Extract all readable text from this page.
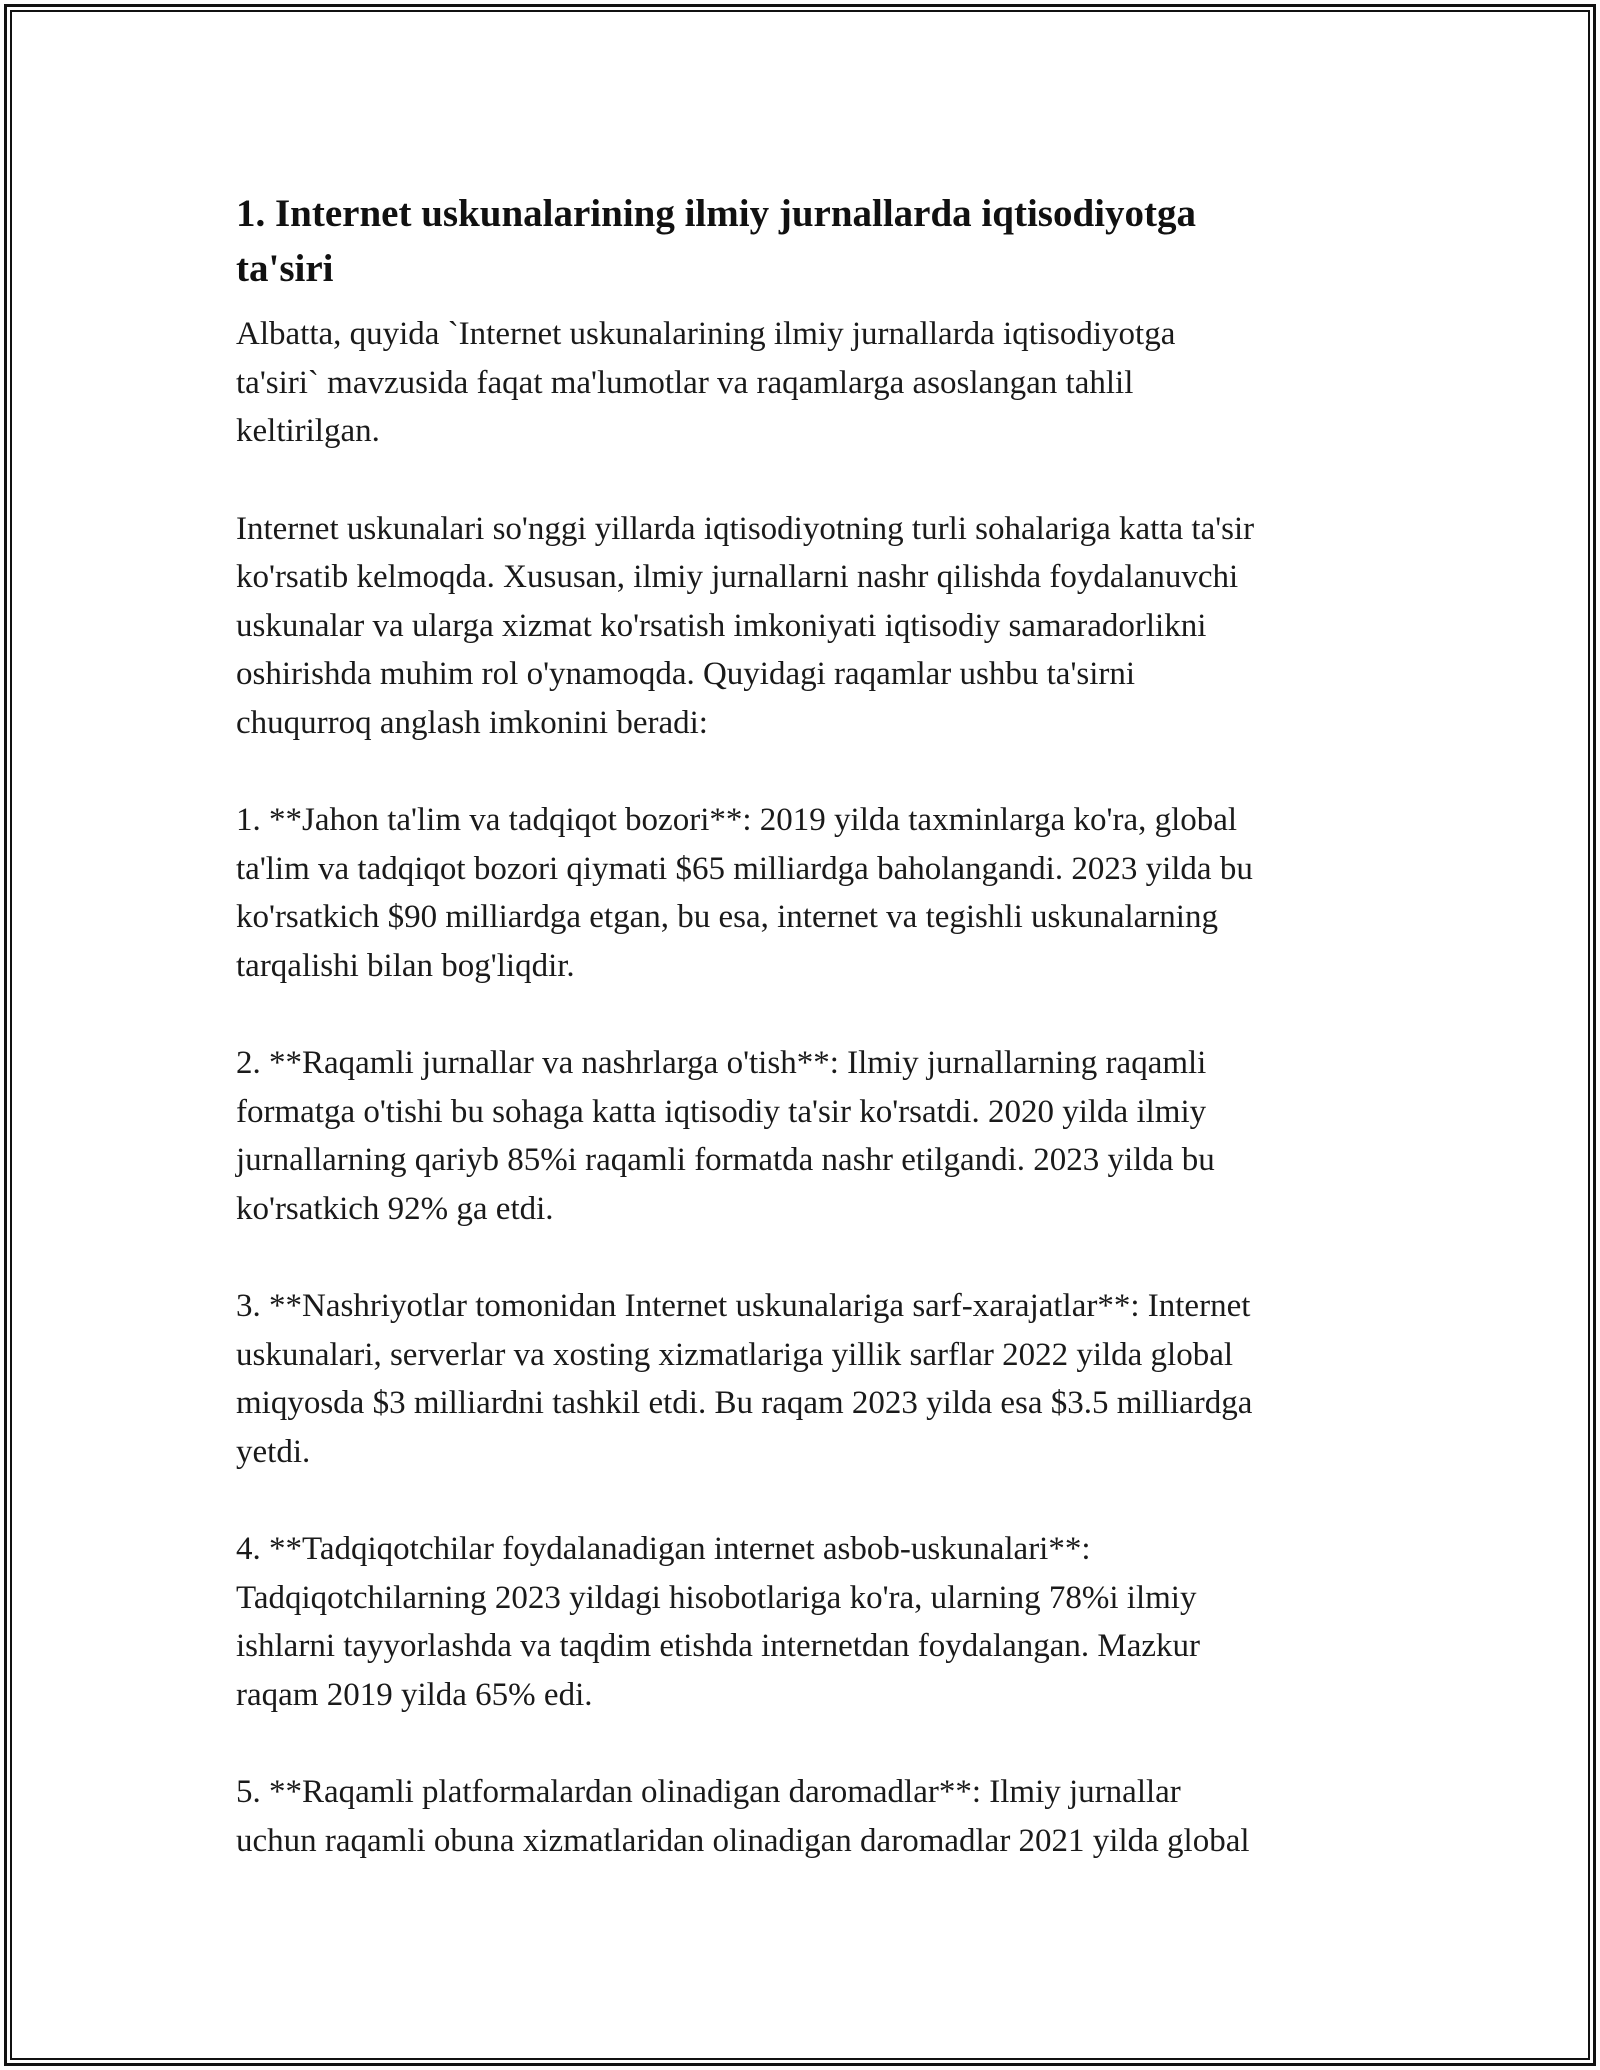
1. Internet uskunalarining ilmiy jurnallarda iqtisodiyotga
ta'siri

Albatta, quyida `Internet uskunalarining ilmiy jurnallarda iqtisodiyotga
ta'siri` mavzusida faqat ma'lumotlar va raqamlarga asoslangan tahlil
keltirilgan.

Internet uskunalari so'nggi yillarda iqtisodiyotning turli sohalariga katta ta'sir
ko'rsatib kelmoqda. Xususan, ilmiy jurnallarni nashr qilishda foydalanuvchi
uskunalar va ularga xizmat ko'rsatish imkoniyati iqtisodiy samaradorlikni
oshirishda muhim rol o'ynamoqda. Quyidagi raqamlar ushbu ta'sirni
chuqurroq anglash imkonini beradi:

1. **Jahon ta'lim va tadqiqot bozori**: 2019 yilda taxminlarga ko'ra, global
ta'lim va tadqiqot bozori qiymati $65 milliardga baholangandi. 2023 yilda bu
ko'rsatkich $90 milliardga etgan, bu esa, internet va tegishli uskunalarning
tarqalishi bilan bog'liqdir.

2. **Raqamli jurnallar va nashrlarga o'tish**: Ilmiy jurnallarning raqamli
formatga o'tishi bu sohaga katta iqtisodiy ta'sir ko'rsatdi. 2020 yilda ilmiy
jurnallarning qariyb 85%i raqamli formatda nashr etilgandi. 2023 yilda bu
ko'rsatkich 92% ga etdi.

3. **Nashriyotlar tomonidan Internet uskunalariga sarf-xarajatlar**: Internet
uskunalari, serverlar va xosting xizmatlariga yillik sarflar 2022 yilda global
miqyosda $3 milliardni tashkil etdi. Bu raqam 2023 yilda esa $3.5 milliardga
yetdi.

4. **Tadqiqotchilar foydalanadigan internet asbob-uskunalari**:
Tadqiqotchilarning 2023 yildagi hisobotlariga ko'ra, ularning 78%i ilmiy
ishlarni tayyorlashda va taqdim etishda internetdan foydalangan. Mazkur
raqam 2019 yilda 65% edi.

5. **Raqamli platformalardan olinadigan daromadlar**: Ilmiy jurnallar
uchun raqamli obuna xizmatlaridan olinadigan daromadlar 2021 yilda global
